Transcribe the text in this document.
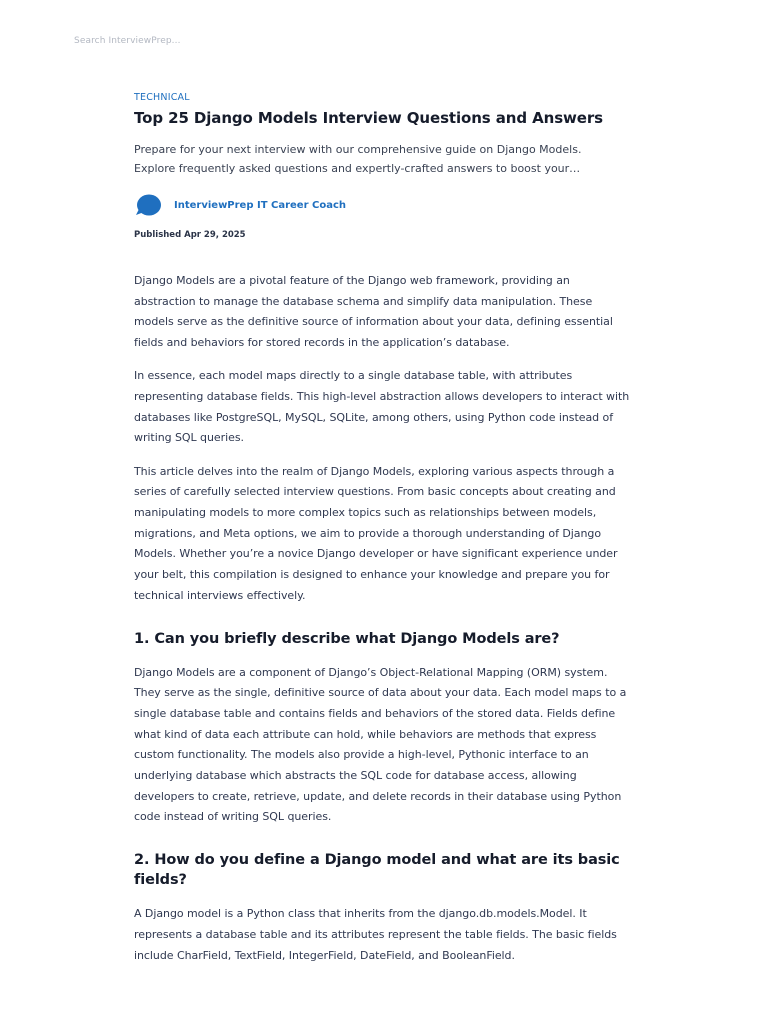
Search InterviewPrep...
TECHNICAL
Top 25 Django Models Interview Questions and Answers

Prepare for your next interview with our comprehensive guide on Django Models.
Explore frequently asked questions and expertly-crafted answers to boost your…

InterviewPrep IT Career Coach
Published Apr 29, 2025

Django Models are a pivotal feature of the Django web framework, providing an abstraction to manage the database schema and simplify data manipulation. These models serve as the definitive source of information about your data, defining essential fields and behaviors for stored records in the application’s database.

In essence, each model maps directly to a single database table, with attributes representing database fields. This high-level abstraction allows developers to interact with databases like PostgreSQL, MySQL, SQLite, among others, using Python code instead of writing SQL queries.

This article delves into the realm of Django Models, exploring various aspects through a series of carefully selected interview questions. From basic concepts about creating and manipulating models to more complex topics such as relationships between models, migrations, and Meta options, we aim to provide a thorough understanding of Django Models. Whether you’re a novice Django developer or have significant experience under your belt, this compilation is designed to enhance your knowledge and prepare you for technical interviews effectively.

1. Can you briefly describe what Django Models are?

Django Models are a component of Django’s Object-Relational Mapping (ORM) system. They serve as the single, definitive source of data about your data. Each model maps to a single database table and contains fields and behaviors of the stored data. Fields define what kind of data each attribute can hold, while behaviors are methods that express custom functionality. The models also provide a high-level, Pythonic interface to an underlying database which abstracts the SQL code for database access, allowing developers to create, retrieve, update, and delete records in their database using Python code instead of writing SQL queries.

2. How do you define a Django model and what are its basic fields?

A Django model is a Python class that inherits from the django.db.models.Model. It represents a database table and its attributes represent the table fields. The basic fields include CharField, TextField, IntegerField, DateField, and BooleanField.
